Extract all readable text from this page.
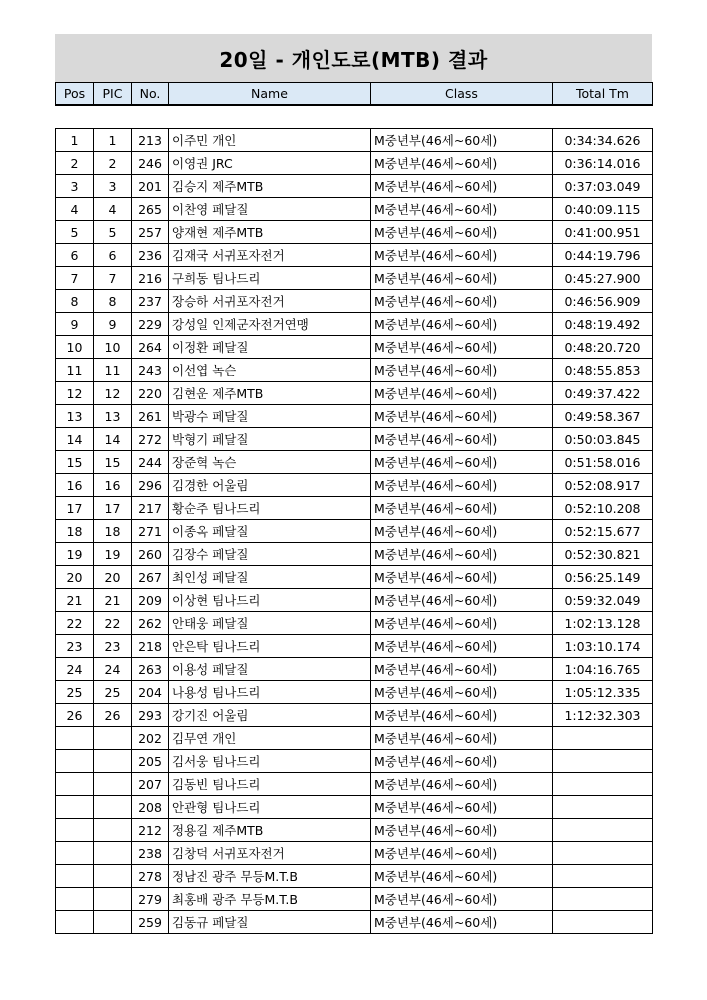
20일 - 개인도로(MTB) 결과
Pos	PIC	No.	Name	Class	Total Tm

1	1	213	이주민 개인	M중년부(46세~60세)	0:34:34.626
2	2	246	이영권 JRC	M중년부(46세~60세)	0:36:14.016
3	3	201	김승지 제주MTB	M중년부(46세~60세)	0:37:03.049
4	4	265	이찬영 페달질	M중년부(46세~60세)	0:40:09.115
5	5	257	양재현 제주MTB	M중년부(46세~60세)	0:41:00.951
6	6	236	김재국 서귀포자전거	M중년부(46세~60세)	0:44:19.796
7	7	216	구희동 팀나드리	M중년부(46세~60세)	0:45:27.900
8	8	237	장승하 서귀포자전거	M중년부(46세~60세)	0:46:56.909
9	9	229	강성일 인제군자전거연맹	M중년부(46세~60세)	0:48:19.492
10	10	264	이정환 페달질	M중년부(46세~60세)	0:48:20.720
11	11	243	이선엽 녹슨	M중년부(46세~60세)	0:48:55.853
12	12	220	김현운 제주MTB	M중년부(46세~60세)	0:49:37.422
13	13	261	박광수 페달질	M중년부(46세~60세)	0:49:58.367
14	14	272	박형기 페달질	M중년부(46세~60세)	0:50:03.845
15	15	244	장준혁 녹슨	M중년부(46세~60세)	0:51:58.016
16	16	296	김경한 어울림	M중년부(46세~60세)	0:52:08.917
17	17	217	황순주 팀나드리	M중년부(46세~60세)	0:52:10.208
18	18	271	이종옥 페달질	M중년부(46세~60세)	0:52:15.677
19	19	260	김장수 페달질	M중년부(46세~60세)	0:52:30.821
20	20	267	최인성 페달질	M중년부(46세~60세)	0:56:25.149
21	21	209	이상현 팀나드리	M중년부(46세~60세)	0:59:32.049
22	22	262	안태웅 페달질	M중년부(46세~60세)	1:02:13.128
23	23	218	안은탁 팀나드리	M중년부(46세~60세)	1:03:10.174
24	24	263	이용성 페달질	M중년부(46세~60세)	1:04:16.765
25	25	204	나용성 팀나드리	M중년부(46세~60세)	1:05:12.335
26	26	293	강기진 어울림	M중년부(46세~60세)	1:12:32.303
		202	김무연 개인	M중년부(46세~60세)	
		205	김서웅 팀나드리	M중년부(46세~60세)	
		207	김동빈 팀나드리	M중년부(46세~60세)	
		208	안관형 팀나드리	M중년부(46세~60세)	
		212	정용길 제주MTB	M중년부(46세~60세)	
		238	김창덕 서귀포자전거	M중년부(46세~60세)	
		278	정남진 광주 무등M.T.B	M중년부(46세~60세)	
		279	최홍배 광주 무등M.T.B	M중년부(46세~60세)	
		259	김동규 페달질	M중년부(46세~60세)	
